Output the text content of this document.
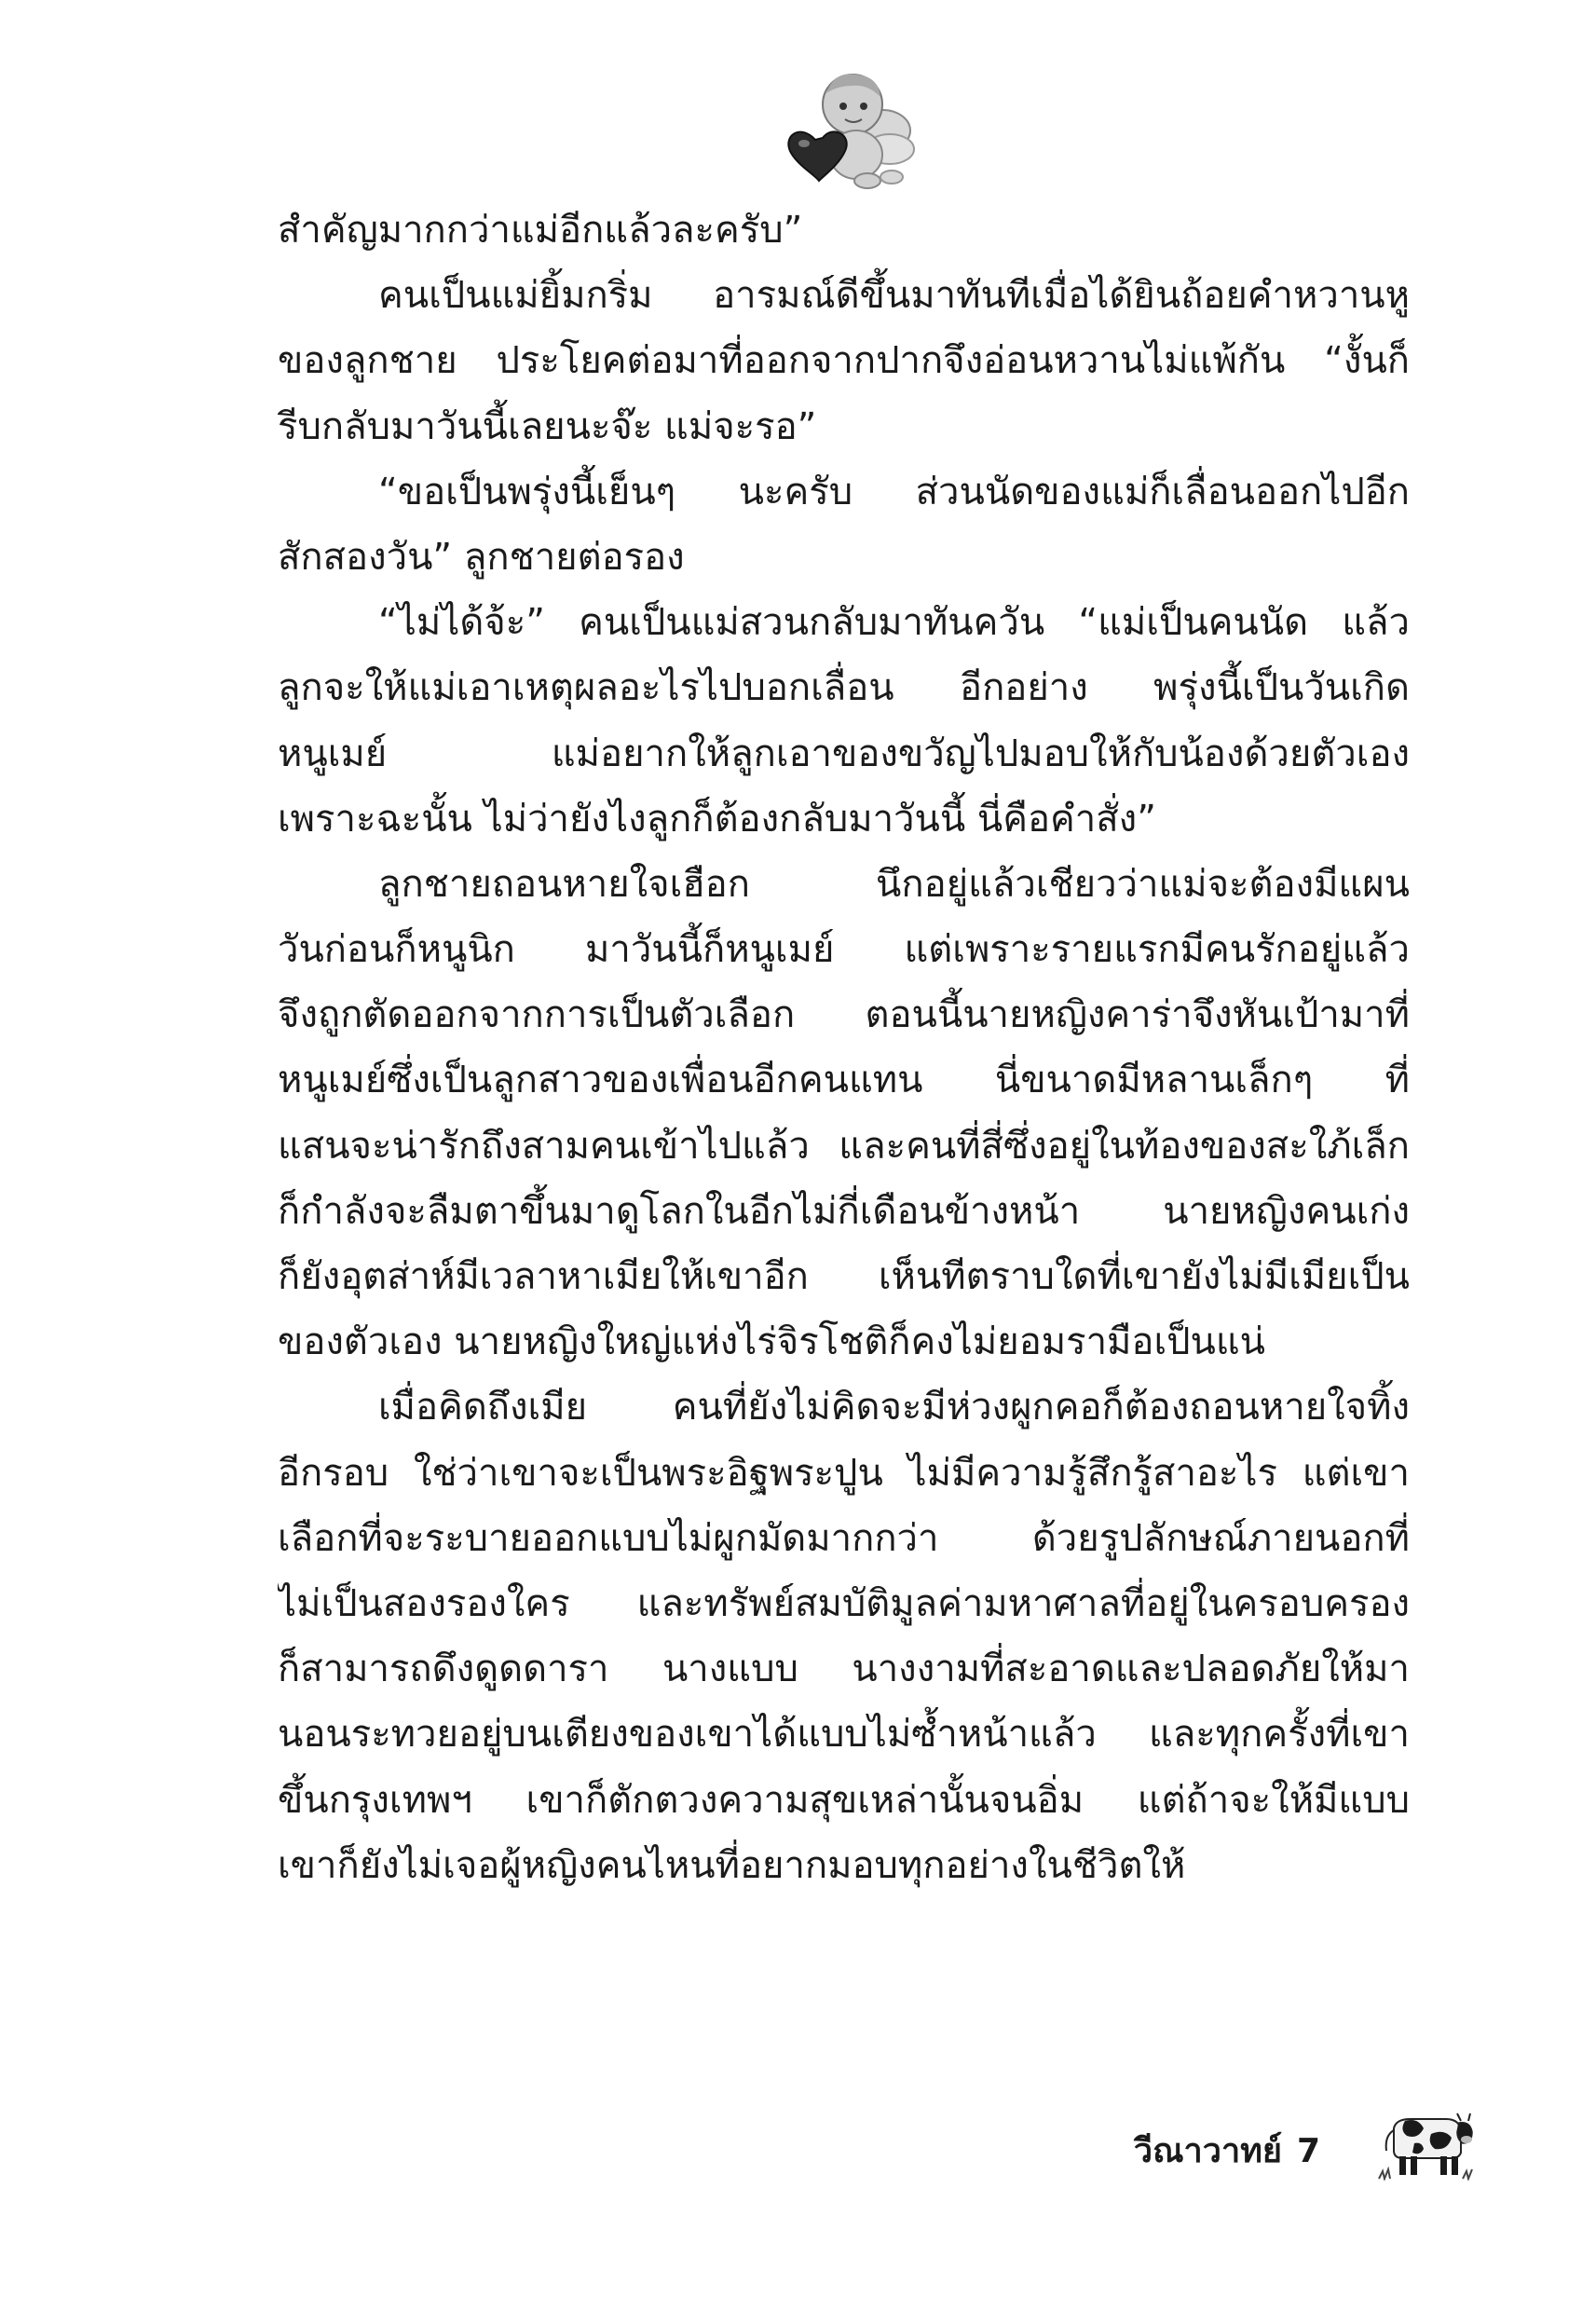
สำคัญมากกว่าแม่อีกแล้วละครับ”
คนเป็นแม่ยิ้มกริ่ม อารมณ์ดีขึ้นมาทันทีเมื่อได้ยินถ้อยคำหวานหู
ของลูกชาย ประโยคต่อมาที่ออกจากปากจึงอ่อนหวานไม่แพ้กัน “งั้นก็
รีบกลับมาวันนี้เลยนะจ๊ะ แม่จะรอ”
“ขอเป็นพรุ่งนี้เย็นๆ นะครับ ส่วนนัดของแม่ก็เลื่อนออกไปอีก
สักสองวัน” ลูกชายต่อรอง
“ไม่ได้จ้ะ” คนเป็นแม่สวนกลับมาทันควัน “แม่เป็นคนนัด แล้ว
ลูกจะให้แม่เอาเหตุผลอะไรไปบอกเลื่อน อีกอย่าง พรุ่งนี้เป็นวันเกิด
หนูเมย์ แม่อยากให้ลูกเอาของขวัญไปมอบให้กับน้องด้วยตัวเอง
เพราะฉะนั้น ไม่ว่ายังไงลูกก็ต้องกลับมาวันนี้ นี่คือคำสั่ง”
ลูกชายถอนหายใจเฮือก นึกอยู่แล้วเชียวว่าแม่จะต้องมีแผน
วันก่อนก็หนูนิก มาวันนี้ก็หนูเมย์ แต่เพราะรายแรกมีคนรักอยู่แล้ว
จึงถูกตัดออกจากการเป็นตัวเลือก ตอนนี้นายหญิงคาร่าจึงหันเป้ามาที่
หนูเมย์ซึ่งเป็นลูกสาวของเพื่อนอีกคนแทน นี่ขนาดมีหลานเล็กๆ ที่
แสนจะน่ารักถึงสามคนเข้าไปแล้ว และคนที่สี่ซึ่งอยู่ในท้องของสะใภ้เล็ก
ก็กำลังจะลืมตาขึ้นมาดูโลกในอีกไม่กี่เดือนข้างหน้า นายหญิงคนเก่ง
ก็ยังอุตส่าห์มีเวลาหาเมียให้เขาอีก เห็นทีตราบใดที่เขายังไม่มีเมียเป็น
ของตัวเอง นายหญิงใหญ่แห่งไร่จิรโชติก็คงไม่ยอมรามือเป็นแน่
เมื่อคิดถึงเมีย คนที่ยังไม่คิดจะมีห่วงผูกคอก็ต้องถอนหายใจทิ้ง
อีกรอบ ใช่ว่าเขาจะเป็นพระอิฐพระปูน ไม่มีความรู้สึกรู้สาอะไร แต่เขา
เลือกที่จะระบายออกแบบไม่ผูกมัดมากกว่า ด้วยรูปลักษณ์ภายนอกที่
ไม่เป็นสองรองใคร และทรัพย์สมบัติมูลค่ามหาศาลที่อยู่ในครอบครอง
ก็สามารถดึงดูดดารา นางแบบ นางงามที่สะอาดและปลอดภัยให้มา
นอนระทวยอยู่บนเตียงของเขาได้แบบไม่ซ้ำหน้าแล้ว และทุกครั้งที่เขา
ขึ้นกรุงเทพฯ เขาก็ตักตวงความสุขเหล่านั้นจนอิ่ม แต่ถ้าจะให้มีแบบ
เขาก็ยังไม่เจอผู้หญิงคนไหนที่อยากมอบทุกอย่างในชีวิตให้
วีณาวาทย์ 7
